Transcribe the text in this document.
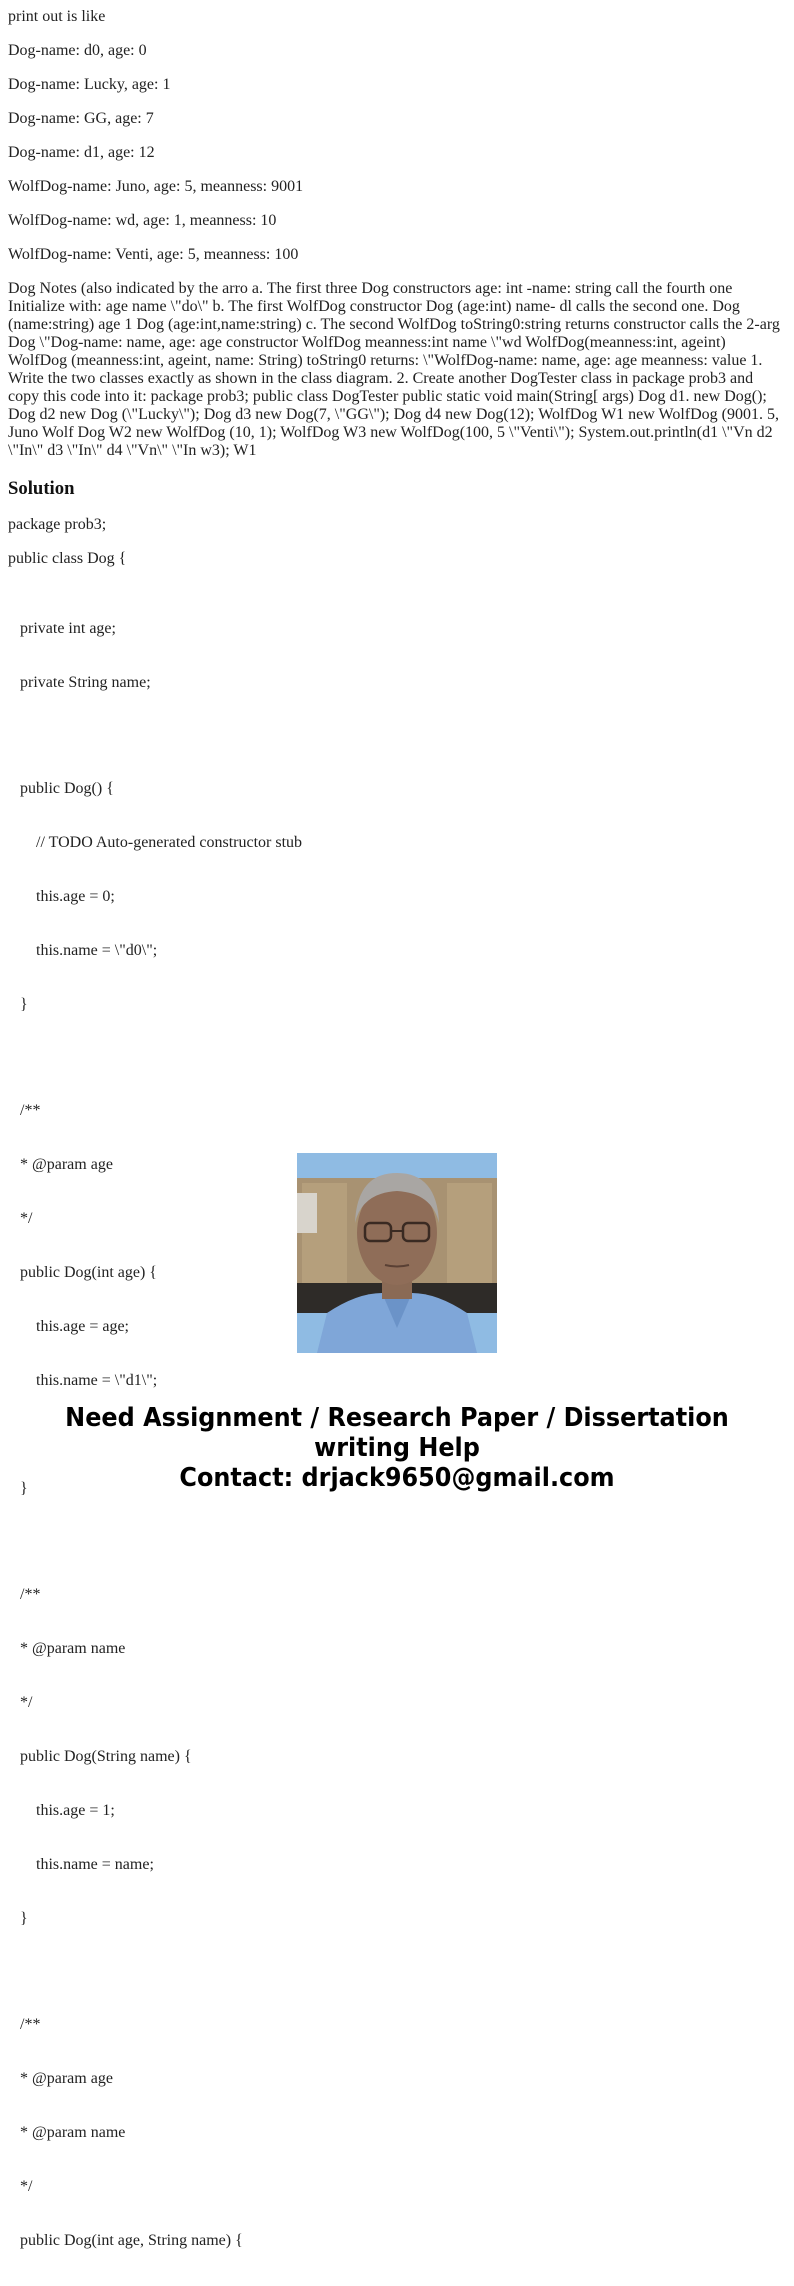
print out is like

Dog-name: d0, age: 0

Dog-name: Lucky, age: 1

Dog-name: GG, age: 7

Dog-name: d1, age: 12

WolfDog-name: Juno, age: 5, meanness: 9001

WolfDog-name: wd, age: 1, meanness: 10

WolfDog-name: Venti, age: 5, meanness: 100

Dog Notes (also indicated by the arro a. The first three Dog constructors age: int -name: string call the fourth one Initialize with: age name \"do\" b. The first WolfDog constructor Dog (age:int) name- dl calls the second one. Dog (name:string) age 1 Dog (age:int,name:string) c. The second WolfDog toString0:string returns constructor calls the 2-arg Dog \"Dog-name: name, age: age constructor WolfDog meanness:int name \"wd WolfDog(meanness:int, ageint) WolfDog (meanness:int, ageint, name: String) toString0 returns: \"WolfDog-name: name, age: age meanness: value 1. Write the two classes exactly as shown in the class diagram. 2. Create another DogTester class in package prob3 and copy this code into it: package prob3; public class DogTester public static void main(String[ args) Dog d1. new Dog(); Dog d2 new Dog (\"Lucky\"); Dog d3 new Dog(7, \"GG\"); Dog d4 new Dog(12); WolfDog W1 new WolfDog (9001. 5, Juno Wolf Dog W2 new WolfDog (10, 1); WolfDog W3 new WolfDog(100, 5 \"Venti\"); System.out.println(d1 \"Vn d2 \"In\" d3 \"In\" d4 \"Vn\" \"In w3); W1

Solution

package prob3;

public class Dog {

private int age;

private String name;

public Dog() {

// TODO Auto-generated constructor stub

this.age = 0;

this.name = \"d0\";

}

/**

* @param age

*/

public Dog(int age) {

this.age = age;

this.name = \"d1\";

}

/**

* @param name

*/

public Dog(String name) {

this.age = 1;

this.name = name;

}

/**

* @param age

* @param name

*/

public Dog(int age, String name) {

Need Assignment / Research Paper / Dissertation
writing Help
Contact: drjack9650@gmail.com
